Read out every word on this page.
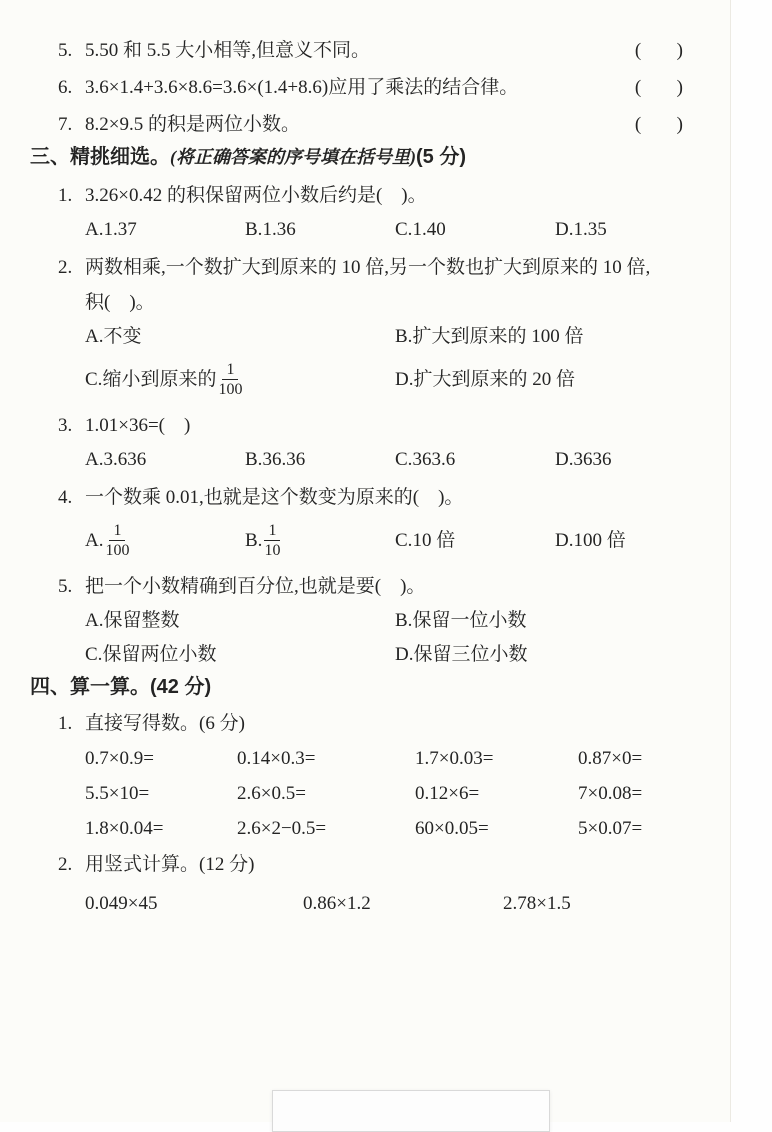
5. 5.50 和 5.5 大小相等,但意义不同。	(      )
6. 3.6×1.4+3.6×8.6=3.6×(1.4+8.6)应用了乘法的结合律。	(      )
7. 8.2×9.5 的积是两位小数。	(      )
三、精挑细选。(将正确答案的序号填在括号里)(5 分)
1. 3.26×0.42 的积保留两位小数后约是(    )。
A. 1.37	B. 1.36	C. 1.40	D. 1.35
2. 两数相乘,一个数扩大到原来的 10 倍,另一个数也扩大到原来的 10 倍,
积(    )。
A. 不变	B. 扩大到原来的 100 倍
C. 缩小到原来的 $\frac{1}{100}$	D. 扩大到原来的 20 倍
3. 1.01×36=(    )
A. 3.636	B. 36.36	C. 363.6	D. 3636
4. 一个数乘 0.01,也就是这个数变为原来的(    )。
A. $\frac{1}{100}$	B. $\frac{1}{10}$	C. 10 倍	D. 100 倍
5. 把一个小数精确到百分位,也就是要(    )。
A. 保留整数	B. 保留一位小数
C. 保留两位小数	D. 保留三位小数
四、算一算。(42 分)
1. 直接写得数。(6 分)
0.7×0.9=	0.14×0.3=	1.7×0.03=	0.87×0=
5.5×10=	2.6×0.5=	0.12×6=	7×0.08=
1.8×0.04=	2.6×2−0.5=	60×0.05=	5×0.07=
2. 用竖式计算。(12 分)
0.049×45	0.86×1.2	2.78×1.5
